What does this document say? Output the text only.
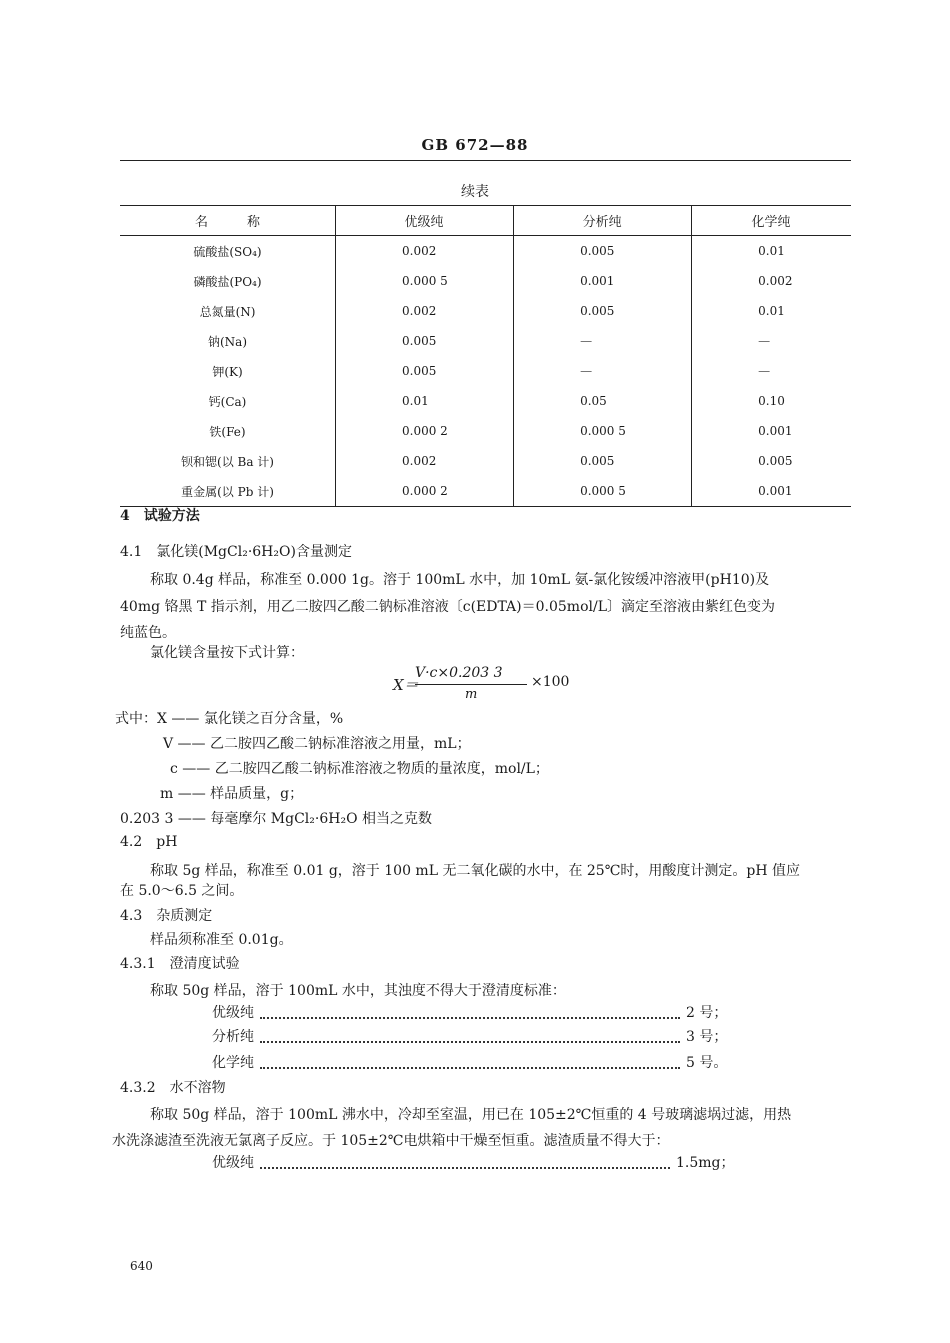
GB 672—88
续表
名　　　称	优级纯	分析纯	化学纯
硫酸盐(SO₄)	0.002	0.005	0.01
磷酸盐(PO₄)	0.000 5	0.001	0.002
总氮量(N)	0.002	0.005	0.01
钠(Na)	0.005	—	—
钾(K)	0.005	—	—
钙(Ca)	0.01	0.05	0.10
铁(Fe)	0.000 2	0.000 5	0.001
钡和锶(以 Ba 计)	0.002	0.005	0.005
重金属(以 Pb 计)	0.000 2	0.000 5	0.001
4　试验方法
4.1　氯化镁(MgCl₂·6H₂O)含量测定
称取 0.4g 样品，称准至 0.000 1g。溶于 100mL 水中，加 10mL 氨-氯化铵缓冲溶液甲(pH10)及
40mg 铬黑 T 指示剂，用乙二胺四乙酸二钠标准溶液〔c(EDTA)＝0.05mol/L〕滴定至溶液由紫红色变为
纯蓝色。
氯化镁含量按下式计算：
X＝
V·c×0.203 3
m
×100
式中：X —— 氯化镁之百分含量，%
V —— 乙二胺四乙酸二钠标准溶液之用量，mL；
c —— 乙二胺四乙酸二钠标准溶液之物质的量浓度，mol/L；
m —— 样品质量，g；
0.203 3 —— 每毫摩尔 MgCl₂·6H₂O 相当之克数
4.2　pH
称取 5g 样品，称准至 0.01 g，溶于 100 mL 无二氧化碳的水中，在 25℃时，用酸度计测定。pH 值应
在 5.0～6.5 之间。
4.3　杂质测定
样品须称准至 0.01g。
4.3.1　澄清度试验
称取 50g 样品，溶于 100mL 水中，其浊度不得大于澄清度标准：
优级纯	2 号；
分析纯	3 号；
化学纯	5 号。
4.3.2　水不溶物
称取 50g 样品，溶于 100mL 沸水中，冷却至室温，用已在 105±2℃恒重的 4 号玻璃滤埚过滤，用热
水洗涤滤渣至洗液无氯离子反应。于 105±2℃电烘箱中干燥至恒重。滤渣质量不得大于：
优级纯	1.5mg；
640
